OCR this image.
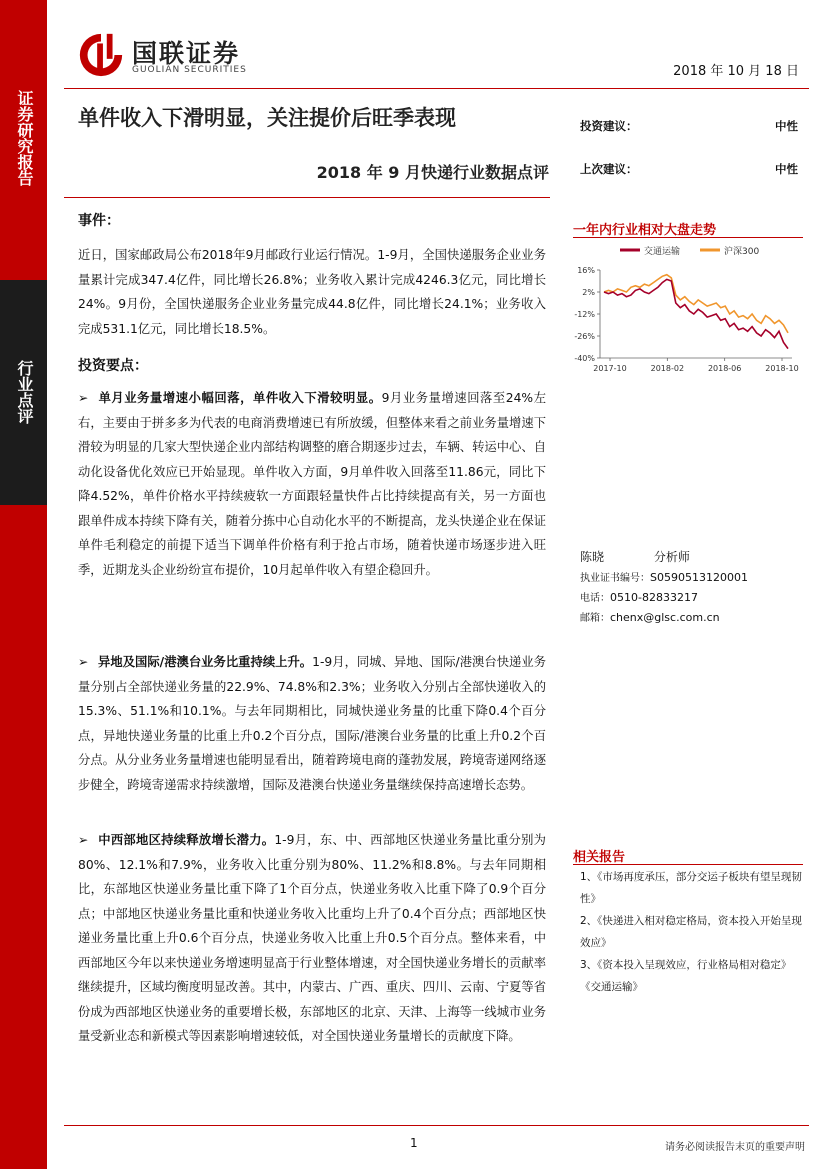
证券研究报告
行业点评
国联证券
GUOLIAN SECURITIES	2018 年 10 月 18 日
单件收入下滑明显，关注提价后旺季表现
2018 年 9 月快递行业数据点评
事件：
近日，国家邮政局公布2018年9月邮政行业运行情况。1-9月，全国快递服务企业业务量累计完成347.4亿件，同比增长26.8%；业务收入累计完成4246.3亿元，同比增长24%。9月份，全国快递服务企业业务量完成44.8亿件，同比增长24.1%；业务收入完成531.1亿元，同比增长18.5%。
投资要点：
➢ 单月业务量增速小幅回落，单件收入下滑较明显。9月业务量增速回落至24%左右，主要由于拼多多为代表的电商消费增速已有所放缓，但整体来看之前业务量增速下滑较为明显的几家大型快递企业内部结构调整的磨合期逐步过去，车辆、转运中心、自动化设备优化效应已开始显现。单件收入方面，9月单件收入回落至11.86元，同比下降4.52%，单件价格水平持续疲软一方面跟轻量快件占比持续提高有关，另一方面也跟单件成本持续下降有关，随着分拣中心自动化水平的不断提高，龙头快递企业在保证单件毛利稳定的前提下适当下调单件价格有利于抢占市场，随着快递市场逐步进入旺季，近期龙头企业纷纷宣布提价，10月起单件收入有望企稳回升。
➢ 异地及国际/港澳台业务比重持续上升。1-9月，同城、异地、国际/港澳台快递业务量分别占全部快递业务量的22.9%、74.8%和2.3%；业务收入分别占全部快递收入的15.3%、51.1%和10.1%。与去年同期相比，同城快递业务量的比重下降0.4个百分点，异地快递业务量的比重上升0.2个百分点，国际/港澳台业务量的比重上升0.2个百分点。从分业务业务量增速也能明显看出，随着跨境电商的蓬勃发展，跨境寄递网络逐步健全，跨境寄递需求持续激增，国际及港澳台快递业务量继续保持高速增长态势。
➢ 中西部地区持续释放增长潜力。1-9月，东、中、西部地区快递业务量比重分别为80%、12.1%和7.9%，业务收入比重分别为80%、11.2%和8.8%。与去年同期相比，东部地区快递业务量比重下降了1个百分点，快递业务收入比重下降了0.9个百分点；中部地区快递业务量比重和快递业务收入比重均上升了0.4个百分点；西部地区快递业务量比重上升0.6个百分点，快递业务收入比重上升0.5个百分点。整体来看，中西部地区今年以来快递业务增速明显高于行业整体增速，对全国快递业务增长的贡献率继续提升，区域均衡度明显改善。其中，内蒙古、广西、重庆、四川、云南、宁夏等省份成为西部地区快递业务的重要增长极，东部地区的北京、天津、上海等一线城市业务量受新业态和新模式等因素影响增速较低，对全国快递业务量增长的贡献度下降。
投资建议：	中性
上次建议：	中性
一年内行业相对大盘走势
交通运输	沪深300
16%
2%
-12%
-26%
-40%
2017-10	2018-02	2018-06	2018-10
陈晓	分析师
执业证书编号：S0590513120001
电话：0510-82833217
邮箱：chenx@glsc.com.cn
相关报告
1、《市场再度承压，部分交运子板块有望呈现韧性》
2、《快递进入相对稳定格局，资本投入开始呈现效应》
3、《资本投入呈现效应，行业格局相对稳定》《交通运输》
1	请务必阅读报告末页的重要声明
